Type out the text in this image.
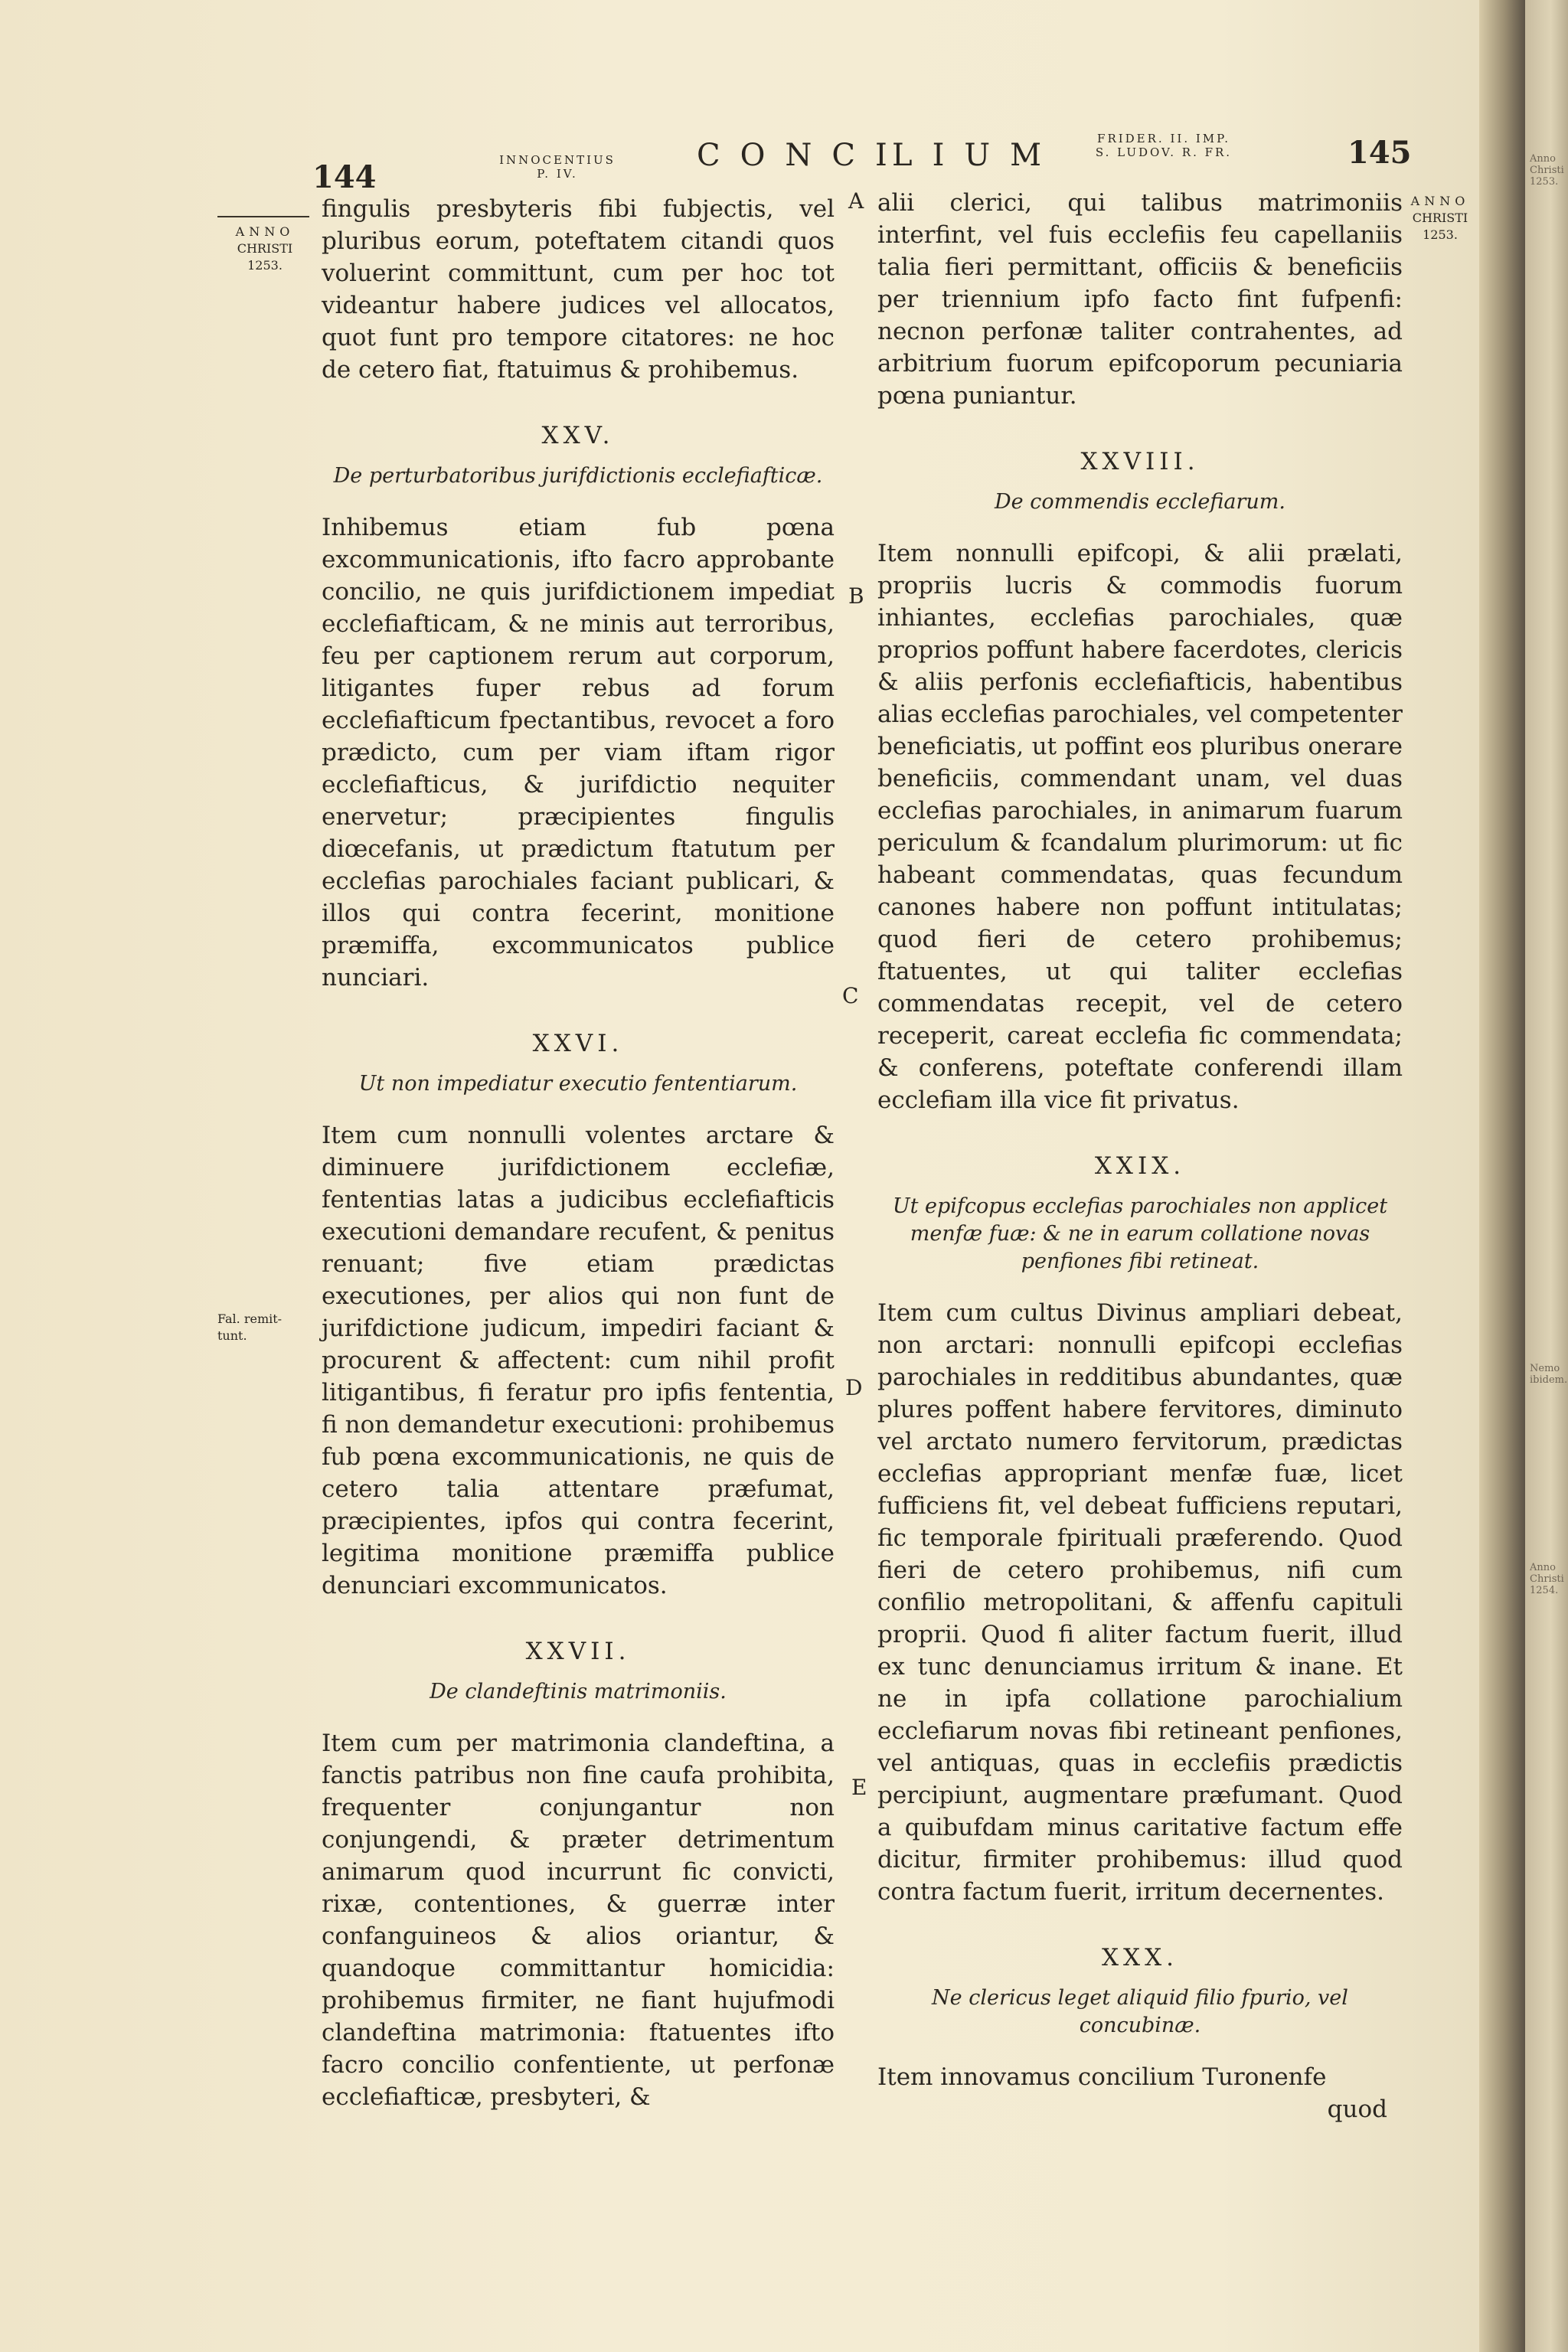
Anno Christi 1253.
Nemo ibidem.
Anno Christi 1254.
144	INNOCENTIUS
P. IV.
CONCI
LIUM	FRIDER. II. IMP.
S. LUDOV. R. FR.	145
ANNO
CHRISTI
1253.
Fal. remit-
tunt.
ANNO
CHRISTI
1253.
A
B
C
D
E

fingulis presbyteris fibi fubjectis, vel pluribus eorum, poteftatem citandi quos voluerint committunt, cum per hoc tot videantur habere judices vel allocatos, quot funt pro tempore citatores: ne hoc de cetero fiat, ftatuimus & prohibemus.

XXV.
De perturbatoribus jurifdictionis ecclefiafticæ.

Inhibemus etiam fub pœna excommunicationis, ifto facro approbante concilio, ne quis jurifdictionem impediat ecclefiafticam, & ne minis aut terroribus, feu per captionem rerum aut corporum, litigantes fuper rebus ad forum ecclefiafticum fpectantibus, revocet a foro prædicto, cum per viam iftam rigor ecclefiafticus, & jurifdictio nequiter enervetur; præcipientes fingulis diœcefanis, ut prædictum ftatutum per ecclefias parochiales faciant publicari, & illos qui contra fecerint, monitione præmiffa, excommunicatos publice nunciari.

XXVI.
Ut non impediatur executio fententiarum.

Item cum nonnulli volentes arctare & diminuere jurifdictionem ecclefiæ, fententias latas a judicibus ecclefiafticis executioni demandare recufent, & penitus renuant; five etiam prædictas executiones, per alios qui non funt de jurifdictione judicum, impediri faciant & procurent & affectent: cum nihil profit litigantibus, fi feratur pro ipfis fententia, fi non demandetur executioni: prohibemus fub pœna excommunicationis, ne quis de cetero talia attentare præfumat, præcipientes, ipfos qui contra fecerint, legitima monitione præmiffa publice denunciari excommunicatos.

XXVII.
De clandeftinis matrimoniis.

Item cum per matrimonia clandeftina, a fanctis patribus non fine caufa prohibita, frequenter conjungantur non conjungendi, & præter detrimentum animarum quod incurrunt fic convicti, rixæ, contentiones, & guerræ inter confanguineos & alios oriantur, & quandoque committantur homicidia: prohibemus firmiter, ne fiant hujufmodi clandeftina matrimonia: ftatuentes ifto facro concilio confentiente, ut perfonæ ecclefiafticæ, presbyteri, &

alii clerici, qui talibus matrimoniis interfint, vel fuis ecclefiis feu capellaniis talia fieri permittant, officiis & beneficiis per triennium ipfo facto fint fufpenfi: necnon perfonæ taliter contrahentes, ad arbitrium fuorum epifcoporum pecuniaria pœna puniantur.

XXVIII.
De commendis ecclefiarum.

Item nonnulli epifcopi, & alii prælati, propriis lucris & commodis fuorum inhiantes, ecclefias parochiales, quæ proprios poffunt habere facerdotes, clericis & aliis perfonis ecclefiafticis, habentibus alias ecclefias parochiales, vel competenter beneficiatis, ut poffint eos pluribus onerare beneficiis, commendant unam, vel duas ecclefias parochiales, in animarum fuarum periculum & fcandalum plurimorum: ut fic habeant commendatas, quas fecundum canones habere non poffunt intitulatas; quod fieri de cetero prohibemus; ftatuentes, ut qui taliter ecclefias commendatas recepit, vel de cetero receperit, careat ecclefia fic commendata; & conferens, poteftate conferendi illam ecclefiam illa vice fit privatus.

XXIX.
Ut epifcopus ecclefias parochiales non applicet menfæ fuæ: & ne in earum collatione novas penfiones fibi retineat.

Item cum cultus Divinus ampliari debeat, non arctari: nonnulli epifcopi ecclefias parochiales in redditibus abundantes, quæ plures poffent habere fervitores, diminuto vel arctato numero fervitorum, prædictas ecclefias appropriant menfæ fuæ, licet fufficiens fit, vel debeat fufficiens reputari, fic temporale fpirituali præferendo. Quod fieri de cetero prohibemus, nifi cum confilio metropolitani, & affenfu capituli proprii. Quod fi aliter factum fuerit, illud ex tunc denunciamus irritum & inane. Et ne in ipfa collatione parochialium ecclefiarum novas fibi retineant penfiones, vel antiquas, quas in ecclefiis prædictis percipiunt, augmentare præfumant. Quod a quibufdam minus caritative factum effe dicitur, firmiter prohibemus: illud quod contra factum fuerit, irritum decernentes.

XXX.
Ne clericus leget aliquid filio fpurio, vel concubinæ.

Item innovamus concilium Turonenfe

quod
